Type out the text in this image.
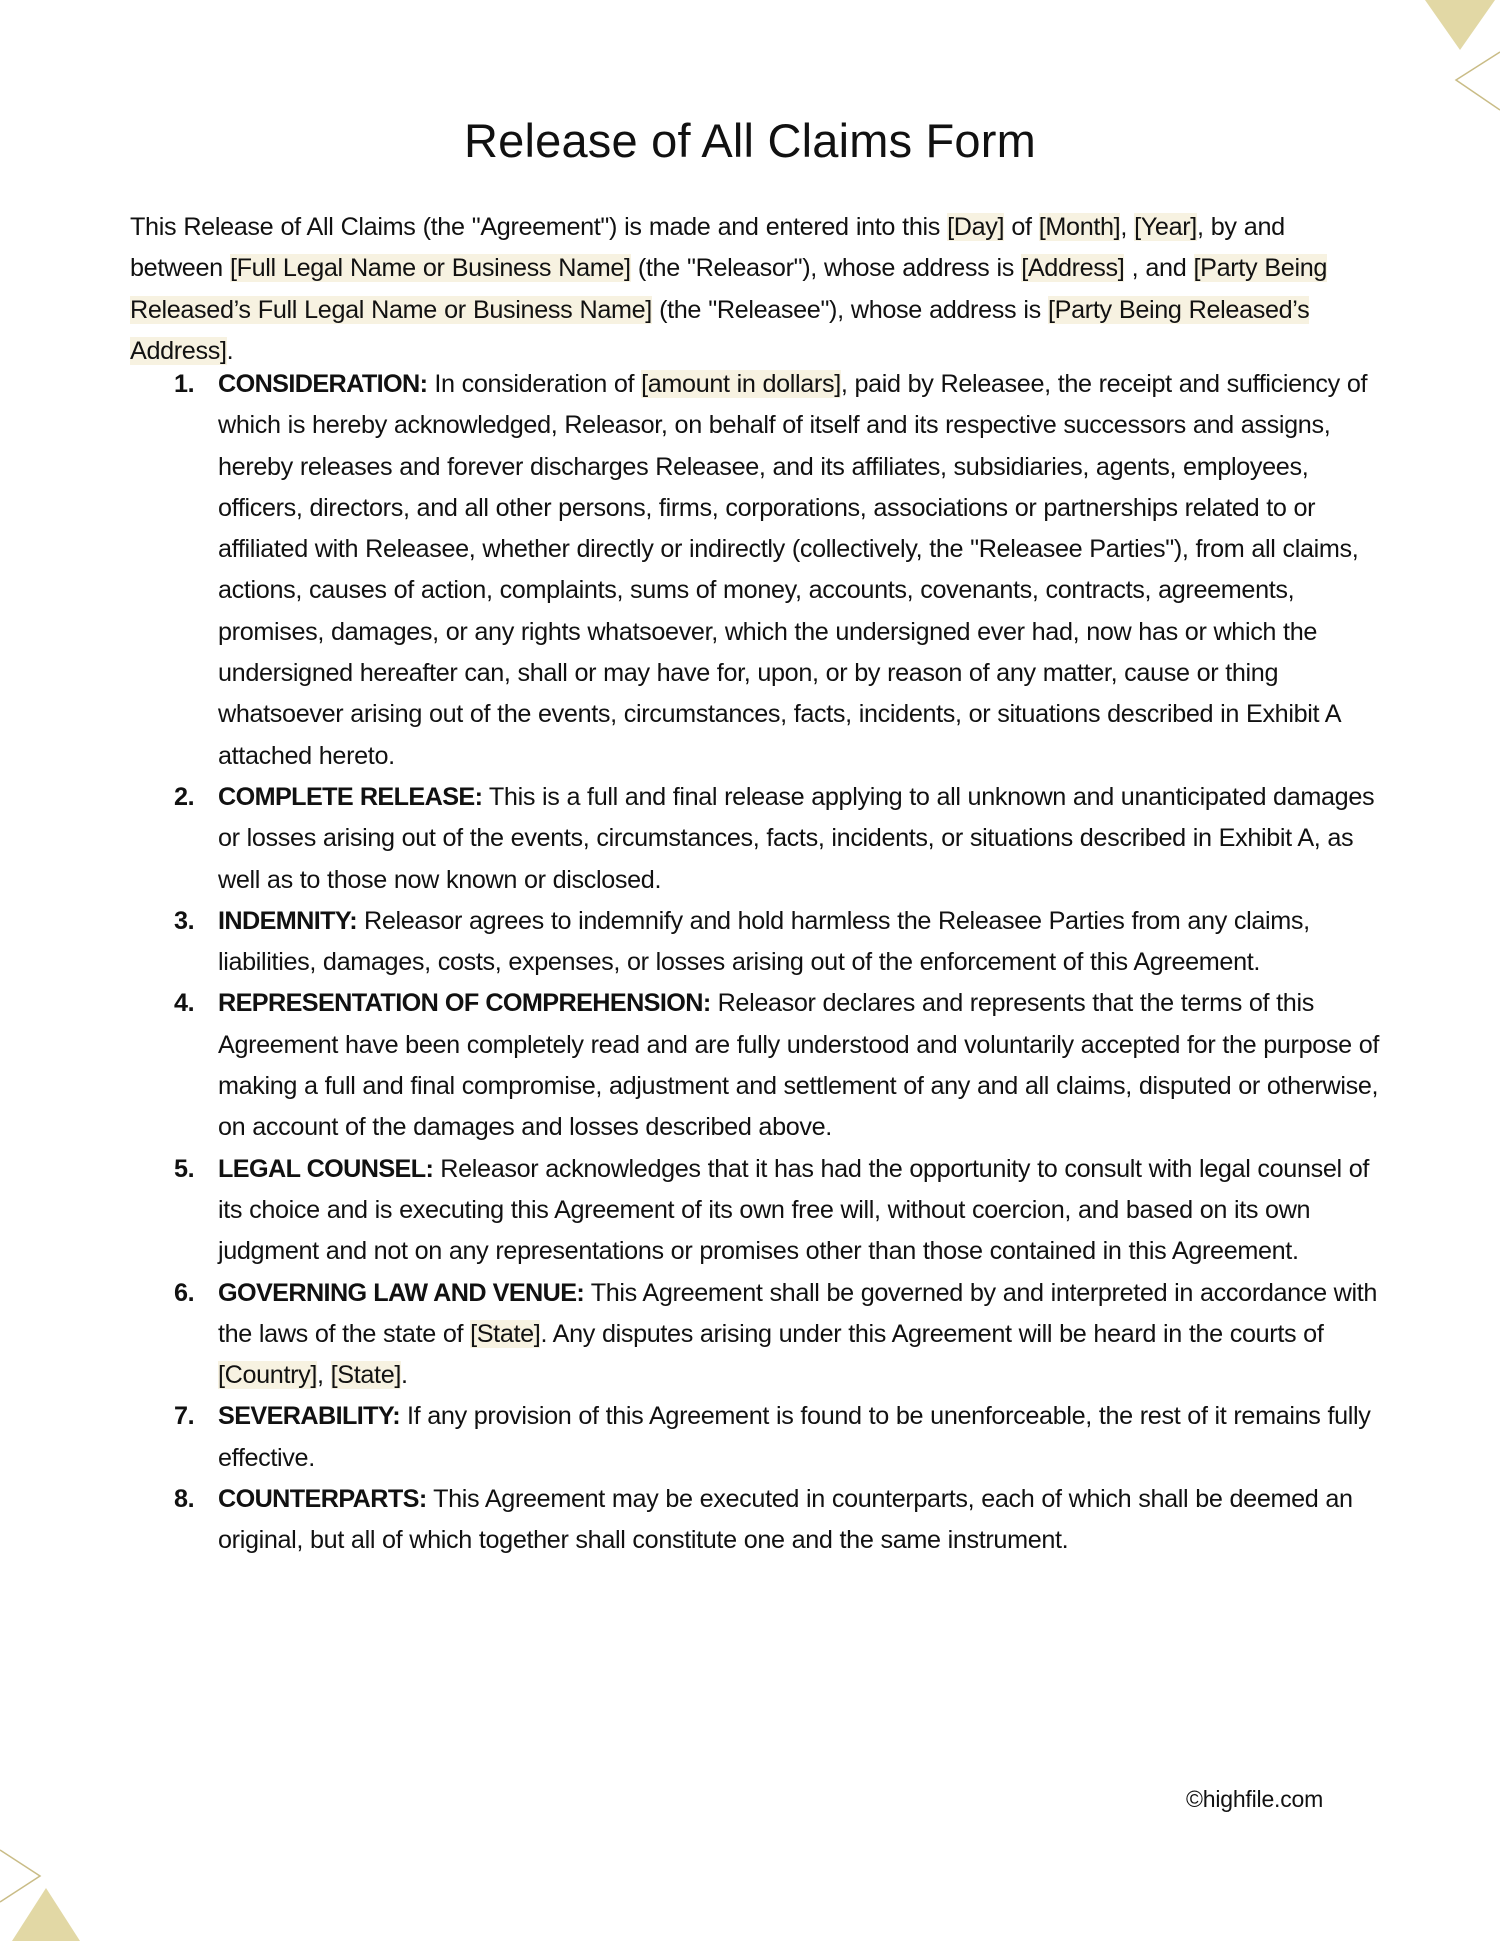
Release of All Claims Form

This Release of All Claims (the "Agreement") is made and entered into this [Day] of [Month], [Year], by and between [Full Legal Name or Business Name] (the "Releasor"), whose address is [Address] , and [Party Being Released’s Full Legal Name or Business Name] (the "Releasee"), whose address is [Party Being Released’s Address].

1. CONSIDERATION: In consideration of [amount in dollars], paid by Releasee, the receipt and sufficiency of which is hereby acknowledged, Releasor, on behalf of itself and its respective successors and assigns, hereby releases and forever discharges Releasee, and its affiliates, subsidiaries, agents, employees, officers, directors, and all other persons, firms, corporations, associations or partnerships related to or affiliated with Releasee, whether directly or indirectly (collectively, the "Releasee Parties"), from all claims, actions, causes of action, complaints, sums of money, accounts, covenants, contracts, agreements, promises, damages, or any rights whatsoever, which the undersigned ever had, now has or which the undersigned hereafter can, shall or may have for, upon, or by reason of any matter, cause or thing whatsoever arising out of the events, circumstances, facts, incidents, or situations described in Exhibit A attached hereto.
2. COMPLETE RELEASE: This is a full and final release applying to all unknown and unanticipated damages or losses arising out of the events, circumstances, facts, incidents, or situations described in Exhibit A, as well as to those now known or disclosed.
3. INDEMNITY: Releasor agrees to indemnify and hold harmless the Releasee Parties from any claims, liabilities, damages, costs, expenses, or losses arising out of the enforcement of this Agreement.
4. REPRESENTATION OF COMPREHENSION: Releasor declares and represents that the terms of this Agreement have been completely read and are fully understood and voluntarily accepted for the purpose of making a full and final compromise, adjustment and settlement of any and all claims, disputed or otherwise, on account of the damages and losses described above.
5. LEGAL COUNSEL: Releasor acknowledges that it has had the opportunity to consult with legal counsel of its choice and is executing this Agreement of its own free will, without coercion, and based on its own judgment and not on any representations or promises other than those contained in this Agreement.
6. GOVERNING LAW AND VENUE: This Agreement shall be governed by and interpreted in accordance with the laws of the state of [State]. Any disputes arising under this Agreement will be heard in the courts of [Country], [State].
7. SEVERABILITY: If any provision of this Agreement is found to be unenforceable, the rest of it remains fully effective.
8. COUNTERPARTS: This Agreement may be executed in counterparts, each of which shall be deemed an original, but all of which together shall constitute one and the same instrument.
©highfile.com
